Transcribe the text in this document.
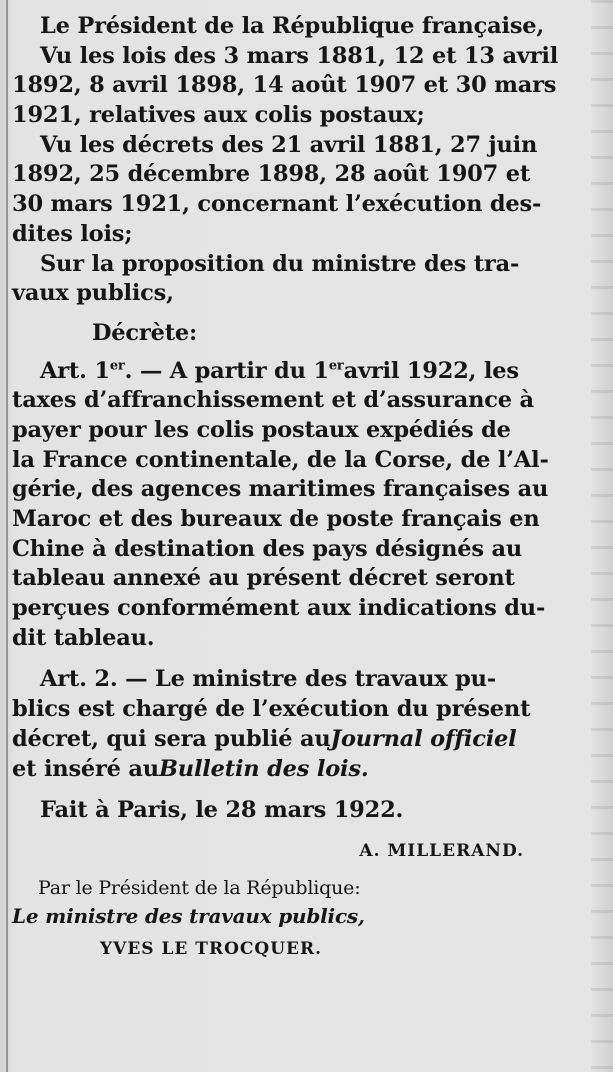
Le Président de la République française,
Vu les lois des 3 mars 1881, 12 et 13 avril
1892, 8 avril 1898, 14 août 1907 et 30 mars
1921, relatives aux colis postaux;
Vu les décrets des 21 avril 1881, 27 juin
1892, 25 décembre 1898, 28 août 1907 et
30 mars 1921, concernant l’exécution des-
dites lois;
Sur la proposition du ministre des tra-
vaux publics,
Décrète:
Art. 1er. — A partir du 1eravril 1922, les
taxes d’affranchissement et d’assurance à
payer pour les colis postaux expédiés de
la France continentale, de la Corse, de l’Al-
gérie, des agences maritimes françaises au
Maroc et des bureaux de poste français en
Chine à destination des pays désignés au
tableau annexé au présent décret seront
perçues conformément aux indications du-
dit tableau.
Art. 2. — Le ministre des travaux pu-
blics est chargé de l’exécution du présent
décret, qui sera publié auJournal officiel
et inséré auBulletin des lois.
Fait à Paris, le 28 mars 1922.
A. MILLERAND.
Par le Président de la République:
Le ministre des travaux publics,
YVES LE TROCQUER.
